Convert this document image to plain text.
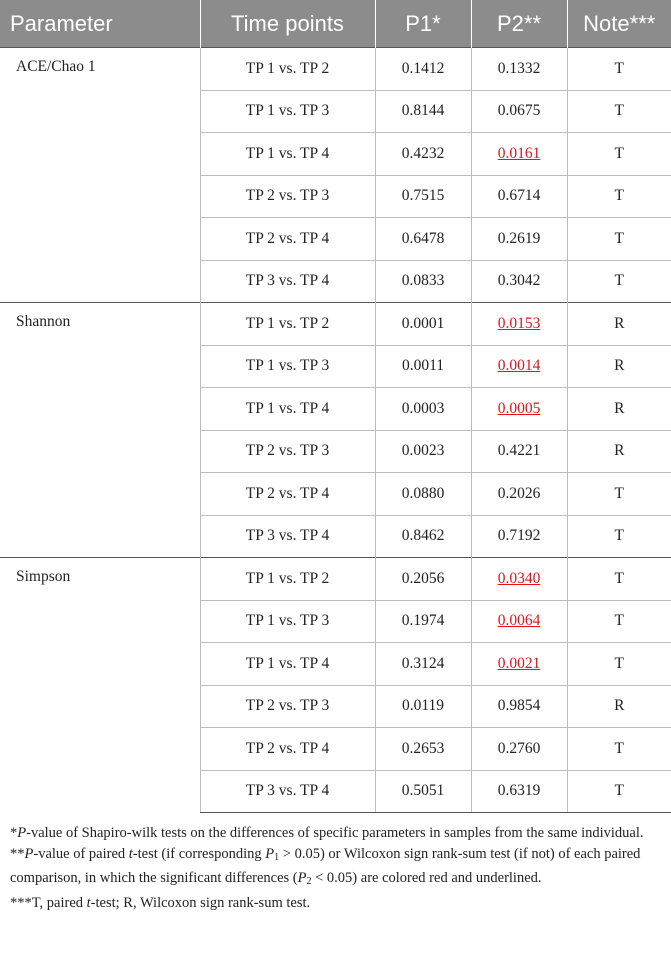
Parameter	Time points	P1*	P2**	Note***
ACE/Chao 1	TP 1 vs. TP 2	0.1412	0.1332	T
	TP 1 vs. TP 3	0.8144	0.0675	T
	TP 1 vs. TP 4	0.4232	0.0161	T
	TP 2 vs. TP 3	0.7515	0.6714	T
	TP 2 vs. TP 4	0.6478	0.2619	T
	TP 3 vs. TP 4	0.0833	0.3042	T
Shannon	TP 1 vs. TP 2	0.0001	0.0153	R
	TP 1 vs. TP 3	0.0011	0.0014	R
	TP 1 vs. TP 4	0.0003	0.0005	R
	TP 2 vs. TP 3	0.0023	0.4221	R
	TP 2 vs. TP 4	0.0880	0.2026	T
	TP 3 vs. TP 4	0.8462	0.7192	T
Simpson	TP 1 vs. TP 2	0.2056	0.0340	T
	TP 1 vs. TP 3	0.1974	0.0064	T
	TP 1 vs. TP 4	0.3124	0.0021	T
	TP 2 vs. TP 3	0.0119	0.9854	R
	TP 2 vs. TP 4	0.2653	0.2760	T
	TP 3 vs. TP 4	0.5051	0.6319	T

*P-value of Shapiro-wilk tests on the differences of specific parameters in samples from the same individual.

**P-value of paired t-test (if corresponding $P_1 > 0.05$) or Wilcoxon sign rank-sum test (if not) of each paired comparison, in which the significant differences $(P_2 < 0.05)$ are colored red and underlined.

***T, paired t-test; R, Wilcoxon sign rank-sum test.
